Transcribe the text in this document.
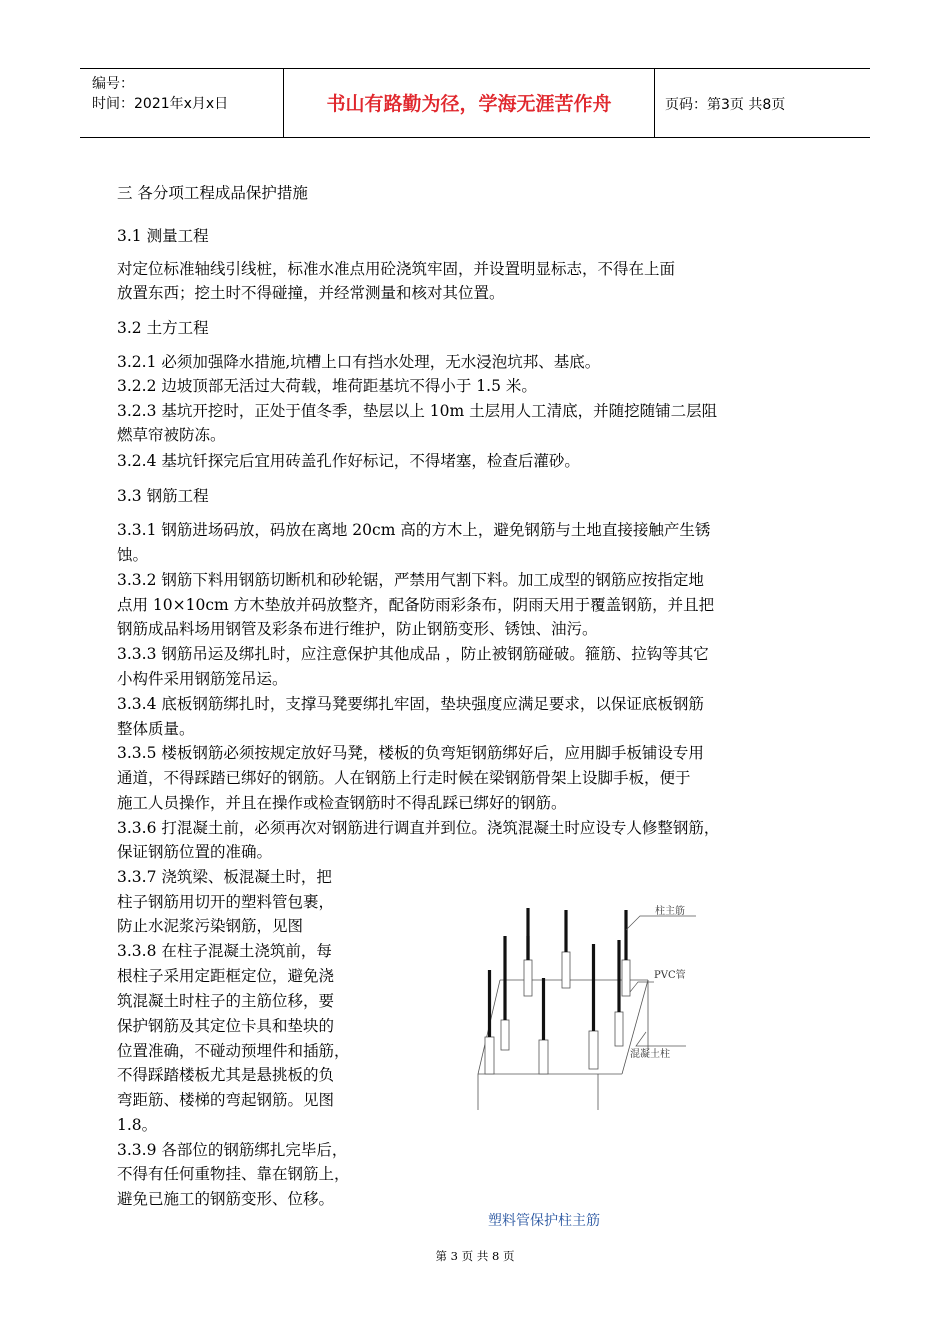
编号：
时间：2021年x月x日	书山有路勤为径，学海无涯苦作舟	页码：第3页 共8页
三 各分项工程成品保护措施
3.1 测量工程
对定位标准轴线引线桩，标准水准点用砼浇筑牢固，并设置明显标志，不得在上面
放置东西；挖土时不得碰撞，并经常测量和核对其位置。
3.2 土方工程
3.2.1 必须加强降水措施,坑槽上口有挡水处理，无水浸泡坑邦、基底。
3.2.2 边坡顶部无活过大荷载，堆荷距基坑不得小于 1.5 米。
3.2.3 基坑开挖时，正处于值冬季，垫层以上 10m 土层用人工清底，并随挖随铺二层阻
燃草帘被防冻。
3.2.4 基坑钎探完后宜用砖盖孔作好标记，不得堵塞，检查后灌砂。
3.3 钢筋工程
3.3.1 钢筋进场码放，码放在离地 20cm 高的方木上，避免钢筋与土地直接接触产生锈
蚀。
3.3.2 钢筋下料用钢筋切断机和砂轮锯，严禁用气割下料。加工成型的钢筋应按指定地
点用 10×10cm 方木垫放并码放整齐，配备防雨彩条布，阴雨天用于覆盖钢筋，并且把
钢筋成品料场用钢管及彩条布进行维护，防止钢筋变形、锈蚀、油污。
3.3.3 钢筋吊运及绑扎时，应注意保护其他成品 ，防止被钢筋碰破。箍筋、拉钩等其它
小构件采用钢筋笼吊运。
3.3.4 底板钢筋绑扎时，支撑马凳要绑扎牢固，垫块强度应满足要求，以保证底板钢筋
整体质量。
3.3.5 楼板钢筋必须按规定放好马凳，楼板的负弯矩钢筋绑好后，应用脚手板铺设专用
通道，不得踩踏已绑好的钢筋。人在钢筋上行走时候在梁钢筋骨架上设脚手板，便于
施工人员操作，并且在操作或检查钢筋时不得乱踩已绑好的钢筋。
3.3.6 打混凝土前，必须再次对钢筋进行调直并到位。浇筑混凝土时应设专人修整钢筋，
保证钢筋位置的准确。
3.3.7 浇筑梁、板混凝土时，把
柱子钢筋用切开的塑料管包裹，
防止水泥浆污染钢筋，见图
3.3.8 在柱子混凝土浇筑前，每
根柱子采用定距框定位，避免浇
筑混凝土时柱子的主筋位移，要
保护钢筋及其定位卡具和垫块的
位置准确，不碰动预埋件和插筋，
不得踩踏楼板尤其是悬挑板的负
弯距筋、楼梯的弯起钢筋。见图
1.8。
3.3.9 各部位的钢筋绑扎完毕后，
不得有任何重物挂、靠在钢筋上，
避免已施工的钢筋变形、位移。
柱主筋
PVC管
混凝土柱
塑料管保护柱主筋
第 3 页 共 8 页
